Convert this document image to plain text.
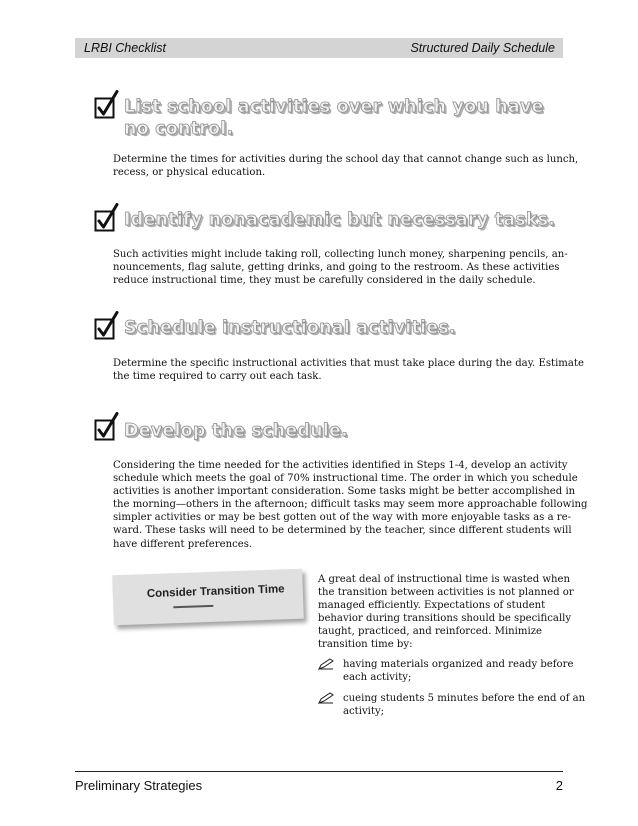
LRBI Checklist	Structured Daily Schedule
List school activities over which you have
no control.
Determine the times for activities during the school day that cannot change such as lunch,
recess, or physical education.
Identify nonacademic but necessary tasks.
Such activities might include taking roll, collecting lunch money, sharpening pencils, an-
nouncements, flag salute, getting drinks, and going to the restroom. As these activities
reduce instructional time, they must be carefully considered in the daily schedule.
Schedule instructional activities.
Determine the specific instructional activities that must take place during the day. Estimate
the time required to carry out each task.
Develop the schedule.
Considering the time needed for the activities identified in Steps 1-4, develop an activity
schedule which meets the goal of 70% instructional time. The order in which you schedule
activities is another important consideration. Some tasks might be better accomplished in
the morning—others in the afternoon; difficult tasks may seem more approachable following
simpler activities or may be best gotten out of the way with more enjoyable tasks as a re-
ward. These tasks will need to be determined by the teacher, since different students will
have different preferences.
Consider Transition Time
A great deal of instructional time is wasted when
the transition between activities is not planned or
managed efficiently. Expectations of student
behavior during transitions should be specifically
taught, practiced, and reinforced. Minimize
transition time by:
having materials organized and ready before
each activity;
cueing students 5 minutes before the end of an
activity;
Preliminary Strategies	2
